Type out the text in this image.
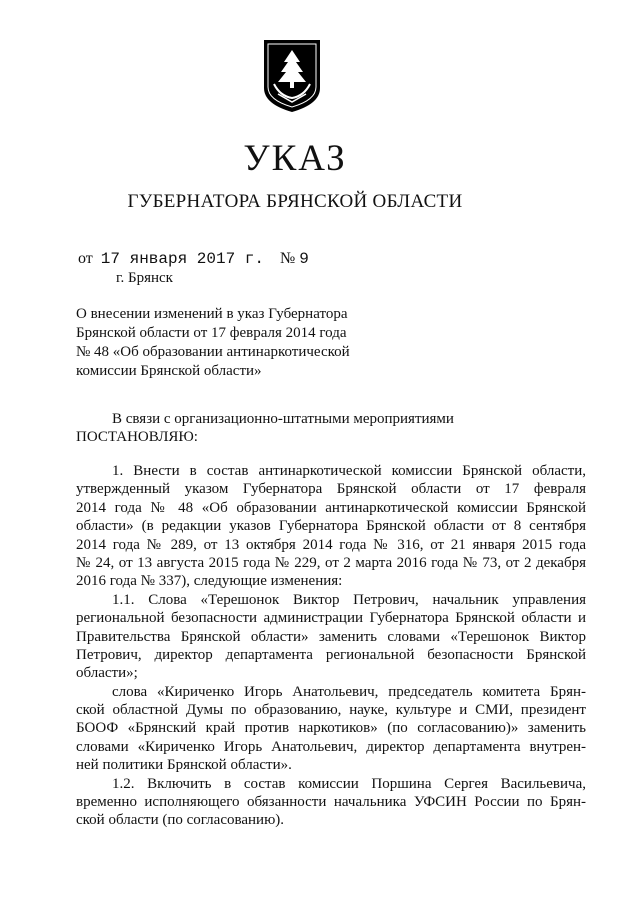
УКАЗ
ГУБЕРНАТОРА БРЯНСКОЙ ОБЛАСТИ
от 17 января 2017 г. № 9
г. Брянск
О внесении изменений в указ Губернатора
Брянской области от 17 февраля 2014 года
№ 48 «Об образовании антинаркотической
комиссии Брянской области»
В связи с организационно-штатными мероприятиями
ПОСТАНОВЛЯЮ:
1. Внести в состав антинаркотической комиссии Брянской области,
утвержденный указом Губернатора Брянской области от 17 февраля
2014 года № 48 «Об образовании антинаркотической комиссии Брянской
области» (в редакции указов Губернатора Брянской области от 8 сентября
2014 года № 289, от 13 октября 2014 года № 316, от 21 января 2015 года
№ 24, от 13 августа 2015 года № 229, от 2 марта 2016 года № 73, от 2 декабря
2016 года № 337), следующие изменения:
1.1. Слова «Терешонок Виктор Петрович, начальник управления
региональной безопасности администрации Губернатора Брянской области и
Правительства Брянской области» заменить словами «Терешонок Виктор
Петрович, директор департамента региональной безопасности Брянской
области»;
слова «Кириченко Игорь Анатольевич, председатель комитета Брян-
ской областной Думы по образованию, науке, культуре и СМИ, президент
БООФ «Брянский край против наркотиков» (по согласованию)» заменить
словами «Кириченко Игорь Анатольевич, директор департамента внутрен-
ней политики Брянской области».
1.2. Включить в состав комиссии Поршина Сергея Васильевича,
временно исполняющего обязанности начальника УФСИН России по Брян-
ской области (по согласованию).
